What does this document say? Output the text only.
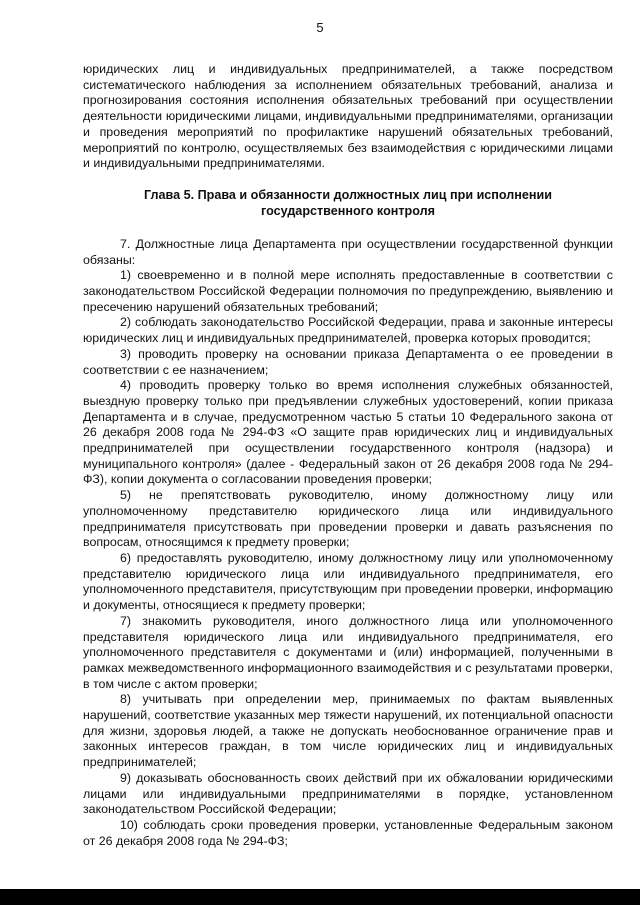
5

юридических лиц и индивидуальных предпринимателей, а также посредством систематического наблюдения за исполнением обязательных требований, анализа и прогнозирования состояния исполнения обязательных требований при осуществлении деятельности юридическими лицами, индивидуальными предпринимателями, организации и проведения мероприятий по профилактике нарушений обязательных требований, мероприятий по контролю, осуществляемых без взаимодействия с юридическими лицами и индивидуальными предпринимателями.

Глава 5. Права и обязанности должностных лиц при исполнении государственного контроля

7. Должностные лица Департамента при осуществлении государственной функции обязаны:

1) своевременно и в полной мере исполнять предоставленные в соответствии с законодательством Российской Федерации полномочия по предупреждению, выявлению и пресечению нарушений обязательных требований;

2) соблюдать законодательство Российской Федерации, права и законные интересы юридических лиц и индивидуальных предпринимателей, проверка которых проводится;

3) проводить проверку на основании приказа Департамента о ее проведении в соответствии с ее назначением;

4) проводить проверку только во время исполнения служебных обязанностей, выездную проверку только при предъявлении служебных удостоверений, копии приказа Департамента и в случае, предусмотренном частью 5 статьи 10 Федерального закона от 26 декабря 2008 года № 294-ФЗ «О защите прав юридических лиц и индивидуальных предпринимателей при осуществлении государственного контроля (надзора) и муниципального контроля» (далее - Федеральный закон от 26 декабря 2008 года № 294-ФЗ), копии документа о согласовании проведения проверки;

5) не препятствовать руководителю, иному должностному лицу или уполномоченному представителю юридического лица или индивидуального предпринимателя присутствовать при проведении проверки и давать разъяснения по вопросам, относящимся к предмету проверки;

6) предоставлять руководителю, иному должностному лицу или уполномоченному представителю юридического лица или индивидуального предпринимателя, его уполномоченного представителя, присутствующим при проведении проверки, информацию и документы, относящиеся к предмету проверки;

7) знакомить руководителя, иного должностного лица или уполномоченного представителя юридического лица или индивидуального предпринимателя, его уполномоченного представителя с документами и (или) информацией, полученными в рамках межведомственного информационного взаимодействия и с результатами проверки, в том числе с актом проверки;

8) учитывать при определении мер, принимаемых по фактам выявленных нарушений, соответствие указанных мер тяжести нарушений, их потенциальной опасности для жизни, здоровья людей, а также не допускать необоснованное ограничение прав и законных интересов граждан, в том числе юридических лиц и индивидуальных предпринимателей;

9) доказывать обоснованность своих действий при их обжаловании юридическими лицами или индивидуальными предпринимателями в порядке, установленном законодательством Российской Федерации;

10) соблюдать сроки проведения проверки, установленные Федеральным законом от 26 декабря 2008 года № 294-ФЗ;
